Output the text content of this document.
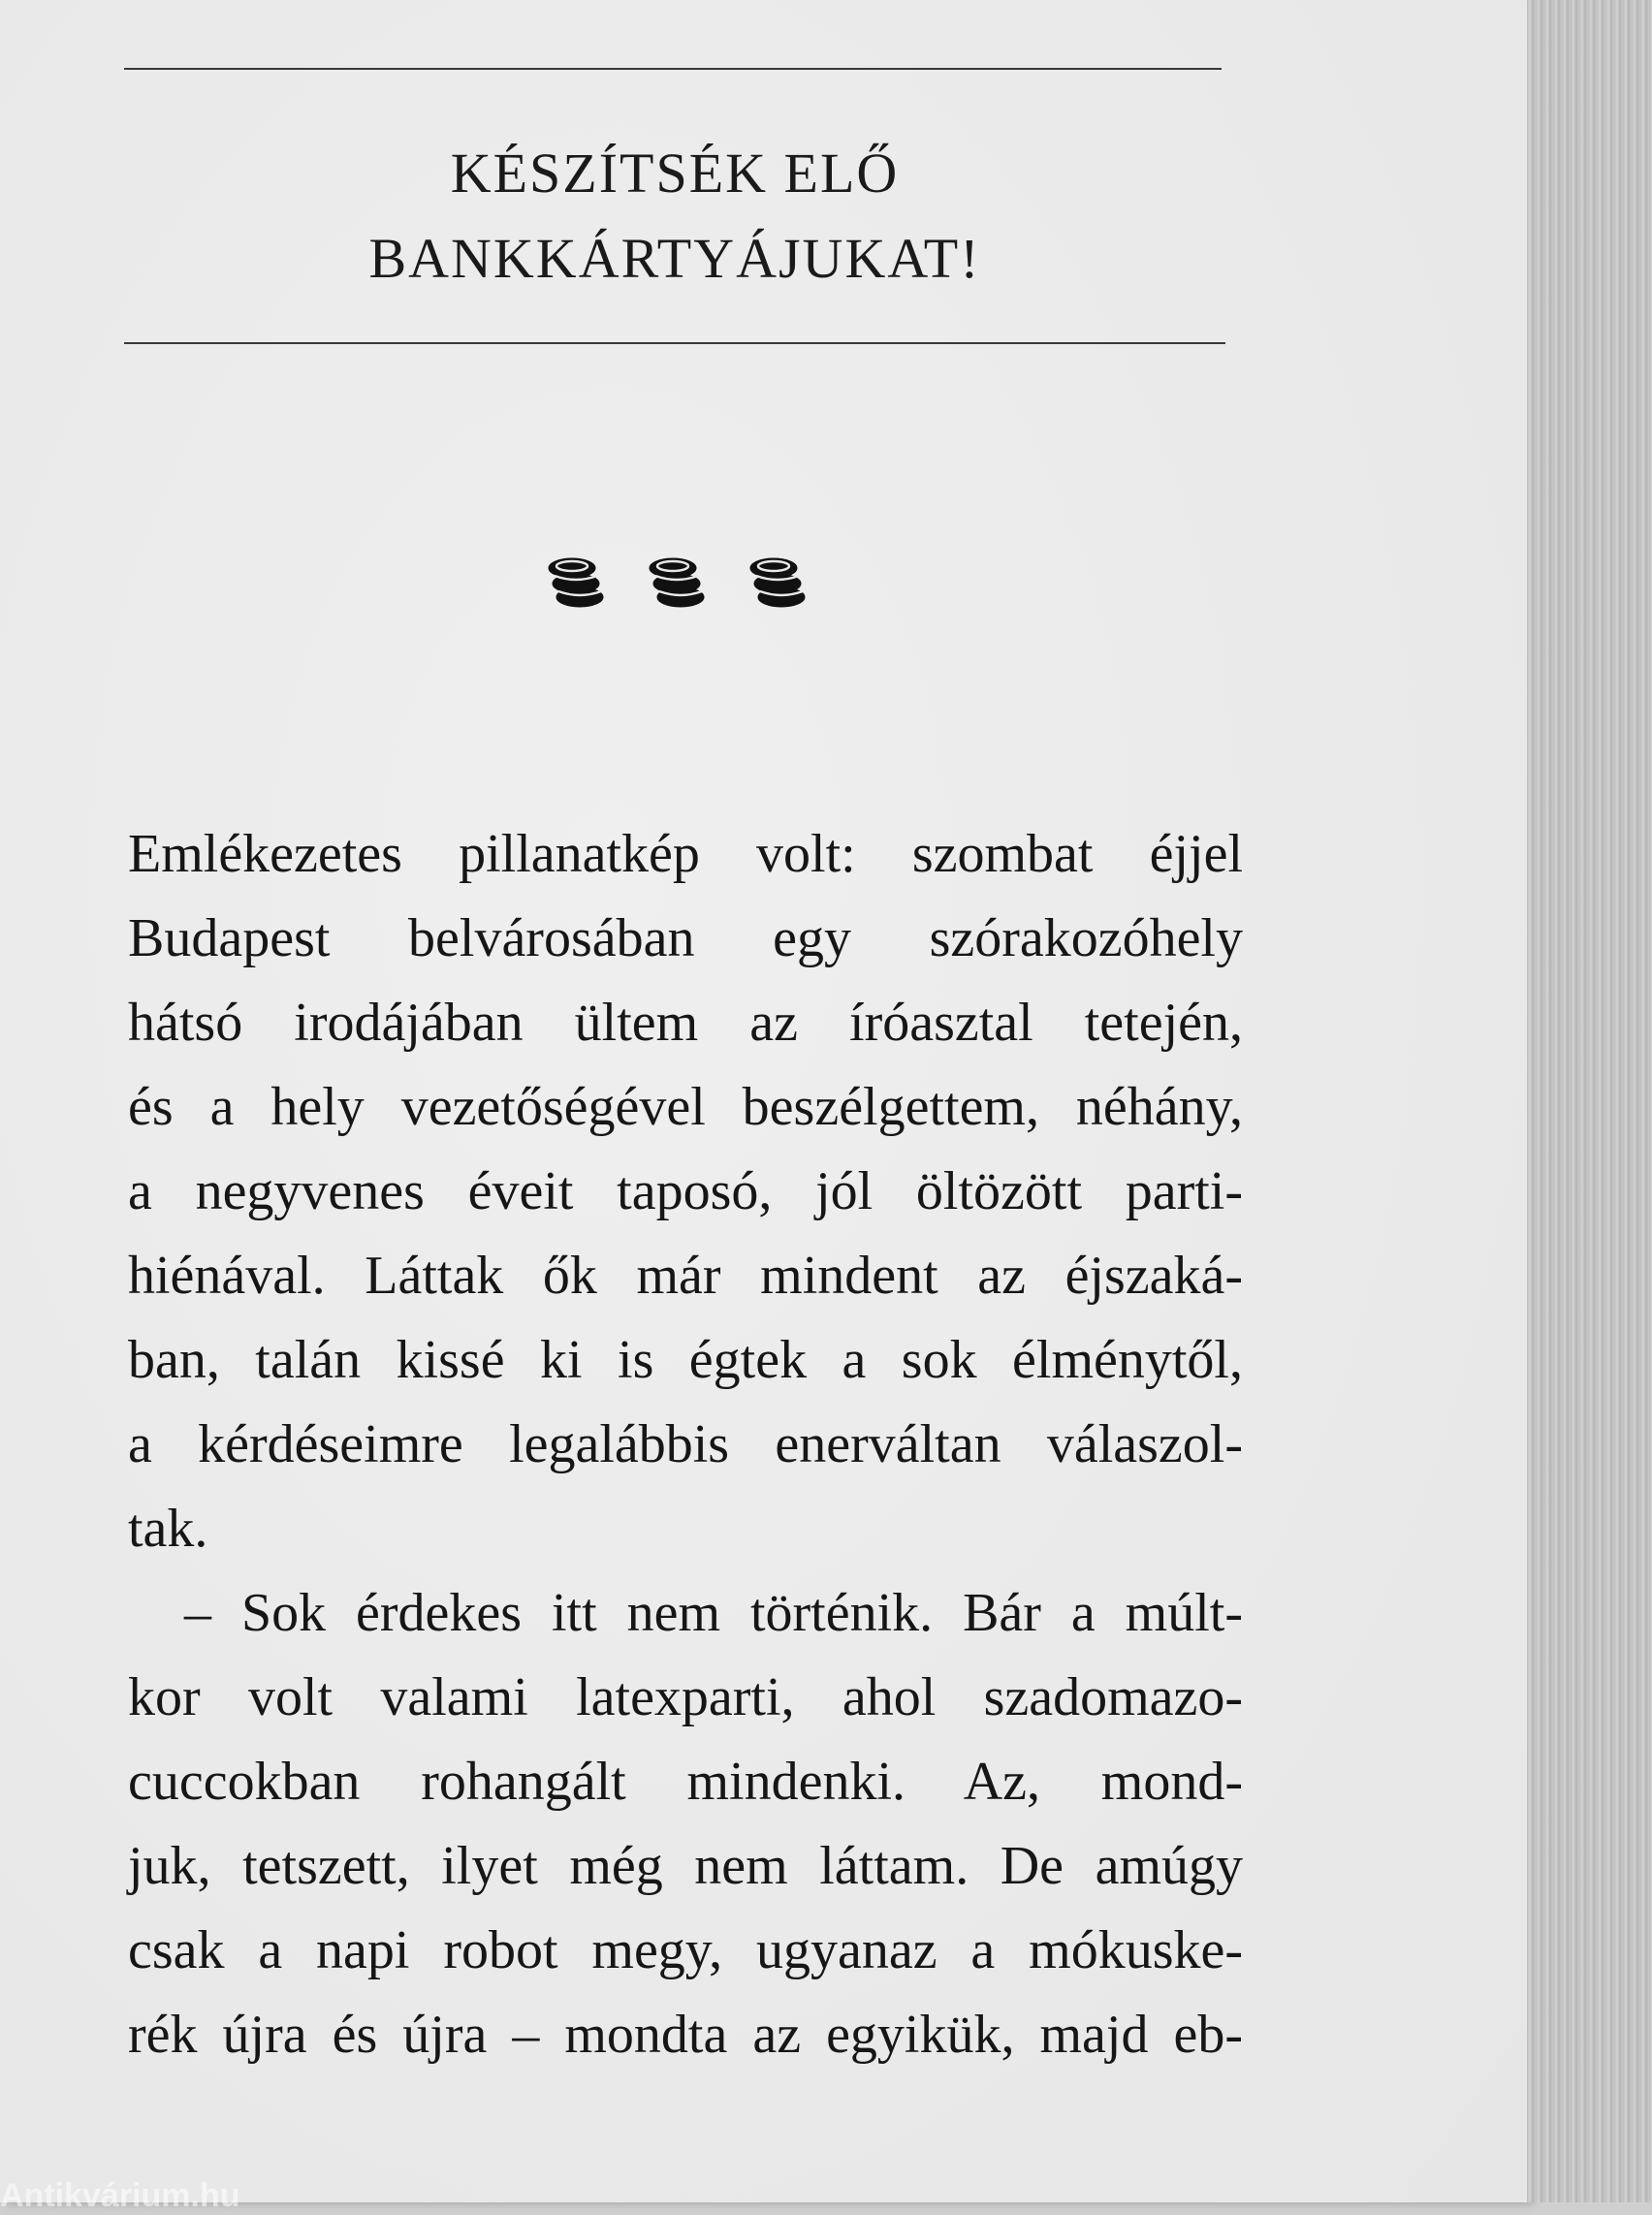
KÉSZÍTSÉK ELŐ
BANKKÁRTYÁJUKAT!
Emlékezetes pillanatkép volt: szombat éjjel
Budapest belvárosában egy szórakozóhely
hátsó irodájában ültem az íróasztal tetején,
és a hely vezetőségével beszélgettem, néhány,
a negyvenes éveit taposó, jól öltözött parti-
hiénával. Láttak ők már mindent az éjszaká-
ban, talán kissé ki is égtek a sok élménytől,
a kérdéseimre legalábbis enerváltan válaszol-
tak.
– Sok érdekes itt nem történik. Bár a múlt-
kor volt valami latexparti, ahol szadomazo-
cuccokban rohangált mindenki. Az, mond-
juk, tetszett, ilyet még nem láttam. De amúgy
csak a napi robot megy, ugyanaz a mókuske-
rék újra és újra – mondta az egyikük, majd eb-
Antikvárium.hu
